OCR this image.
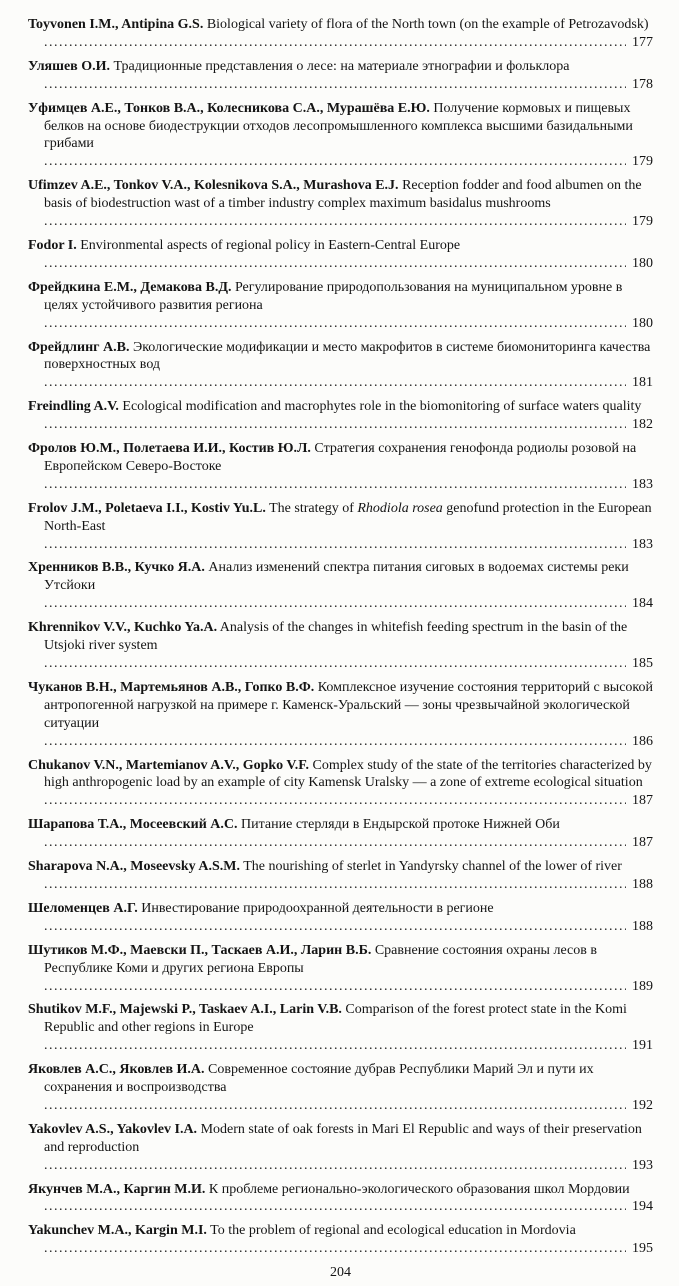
Toyvonen I.M., Antipina G.S. Biological variety of flora of the North town (on the example of Petrozavodsk) .....
177
Уляшев О.И. Традиционные представления о лесе: на материале этнографии и фольклора .....
178
Уфимцев А.Е., Тонков В.А., Колесникова С.А., Мурашёва Е.Ю. Получение кормовых и пищевых белков на основе биодеструкции отходов лесопромышленного комплекса высшими базидальными грибами .....
179
Ufimzev A.E., Tonkov V.A., Kolesnikova S.A., Murashova E.J. Reception fodder and food albumen on the basis of biodestruction wast of a timber industry complex maximum basidalus mushrooms .....
179
Fodor I. Environmental aspects of regional policy in Eastern-Central Europe .....
180
Фрейдкина Е.М., Демакова В.Д. Регулирование природопользования на муниципальном уровне в целях устойчивого развития региона .....
180
Фрейдлинг А.В. Экологические модификации и место макрофитов в системе биомониторинга качества поверхностных вод .....
181
Freindling A.V. Ecological modification and macrophytes role in the biomonitoring of surface waters quality .....
182
Фролов Ю.М., Полетаева И.И., Костив Ю.Л. Стратегия сохранения генофонда родиолы розовой на Европейском Северо-Востоке .....
183
Frolov J.M., Poletaeva I.I., Kostiv Yu.L. The strategy of Rhodiola rosea genofund protection in the European North-East .....
183
Хренников В.В., Кучко Я.А. Анализ изменений спектра питания сиговых в водоемах системы реки Утсйоки .....
184
Khrennikov V.V., Kuchko Ya.A. Analysis of the changes in whitefish feeding spectrum in the basin of the Utsjoki river system .....
185
Чуканов В.Н., Мартемьянов А.В., Гопко В.Ф. Комплексное изучение состояния территорий с высокой антропогенной нагрузкой на примере г. Каменск-Уральский — зоны чрезвычайной экологической ситуации .....
186
Chukanov V.N., Martemianov A.V., Gopko V.F. Complex study of the state of the territories characterized by high anthropogenic load by an example of city Kamensk Uralsky — a zone of extreme ecological situation .....
187
Шарапова Т.А., Мосеевский А.С. Питание стерляди в Ендырской протоке Нижней Оби .....
187
Sharapova N.A., Moseevsky A.S.M. The nourishing of sterlet in Yandyrsky channel of the lower of river .....
188
Шеломенцев А.Г. Инвестирование природоохранной деятельности в регионе .....
188
Шутиков М.Ф., Маевски П., Таскаев А.И., Ларин В.Б. Сравнение состояния охраны лесов в Республике Коми и других региона Европы .....
189
Shutikov M.F., Majewski P., Taskaev A.I., Larin V.B. Comparison of the forest protect state in the Komi Republic and other regions in Europe .....
191
Яковлев А.С., Яковлев И.А. Современное состояние дубрав Республики Марий Эл и пути их сохранения и воспроизводства .....
192
Yakovlev A.S., Yakovlev I.A. Modern state of oak forests in Mari El Republic and ways of their preservation and reproduction .....
193
Якунчев М.А., Каргин М.И. К проблеме регионально-экологического образования школ Мордовии .....
194
Yakunchev M.A., Kargin M.I. To the problem of regional and ecological education in Mordovia .....
195
204
